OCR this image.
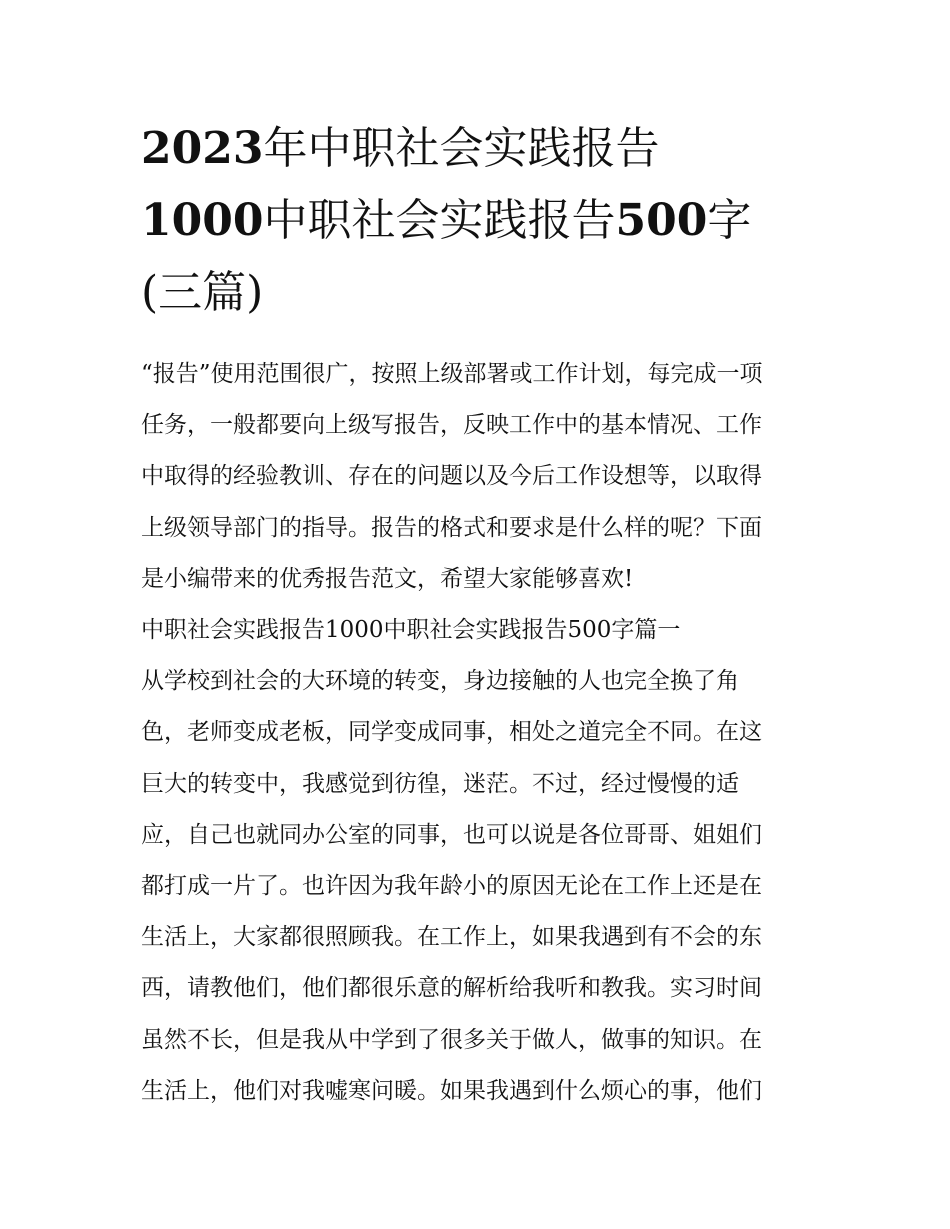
2023年中职社会实践报告
1000中职社会实践报告500字
(三篇)
“报告”使用范围很广，按照上级部署或工作计划，每完成一项
任务，一般都要向上级写报告，反映工作中的基本情况、工作
中取得的经验教训、存在的问题以及今后工作设想等，以取得
上级领导部门的指导。报告的格式和要求是什么样的呢？下面
是小编带来的优秀报告范文，希望大家能够喜欢!
中职社会实践报告1000中职社会实践报告500字篇一
从学校到社会的大环境的转变，身边接触的人也完全换了角
色，老师变成老板，同学变成同事，相处之道完全不同。在这
巨大的转变中，我感觉到彷徨，迷茫。不过，经过慢慢的适
应，自己也就同办公室的同事，也可以说是各位哥哥、姐姐们
都打成一片了。也许因为我年龄小的原因无论在工作上还是在
生活上，大家都很照顾我。在工作上，如果我遇到有不会的东
西，请教他们，他们都很乐意的解析给我听和教我。实习时间
虽然不长，但是我从中学到了很多关于做人，做事的知识。在
生活上，他们对我嘘寒问暖。如果我遇到什么烦心的事，他们
